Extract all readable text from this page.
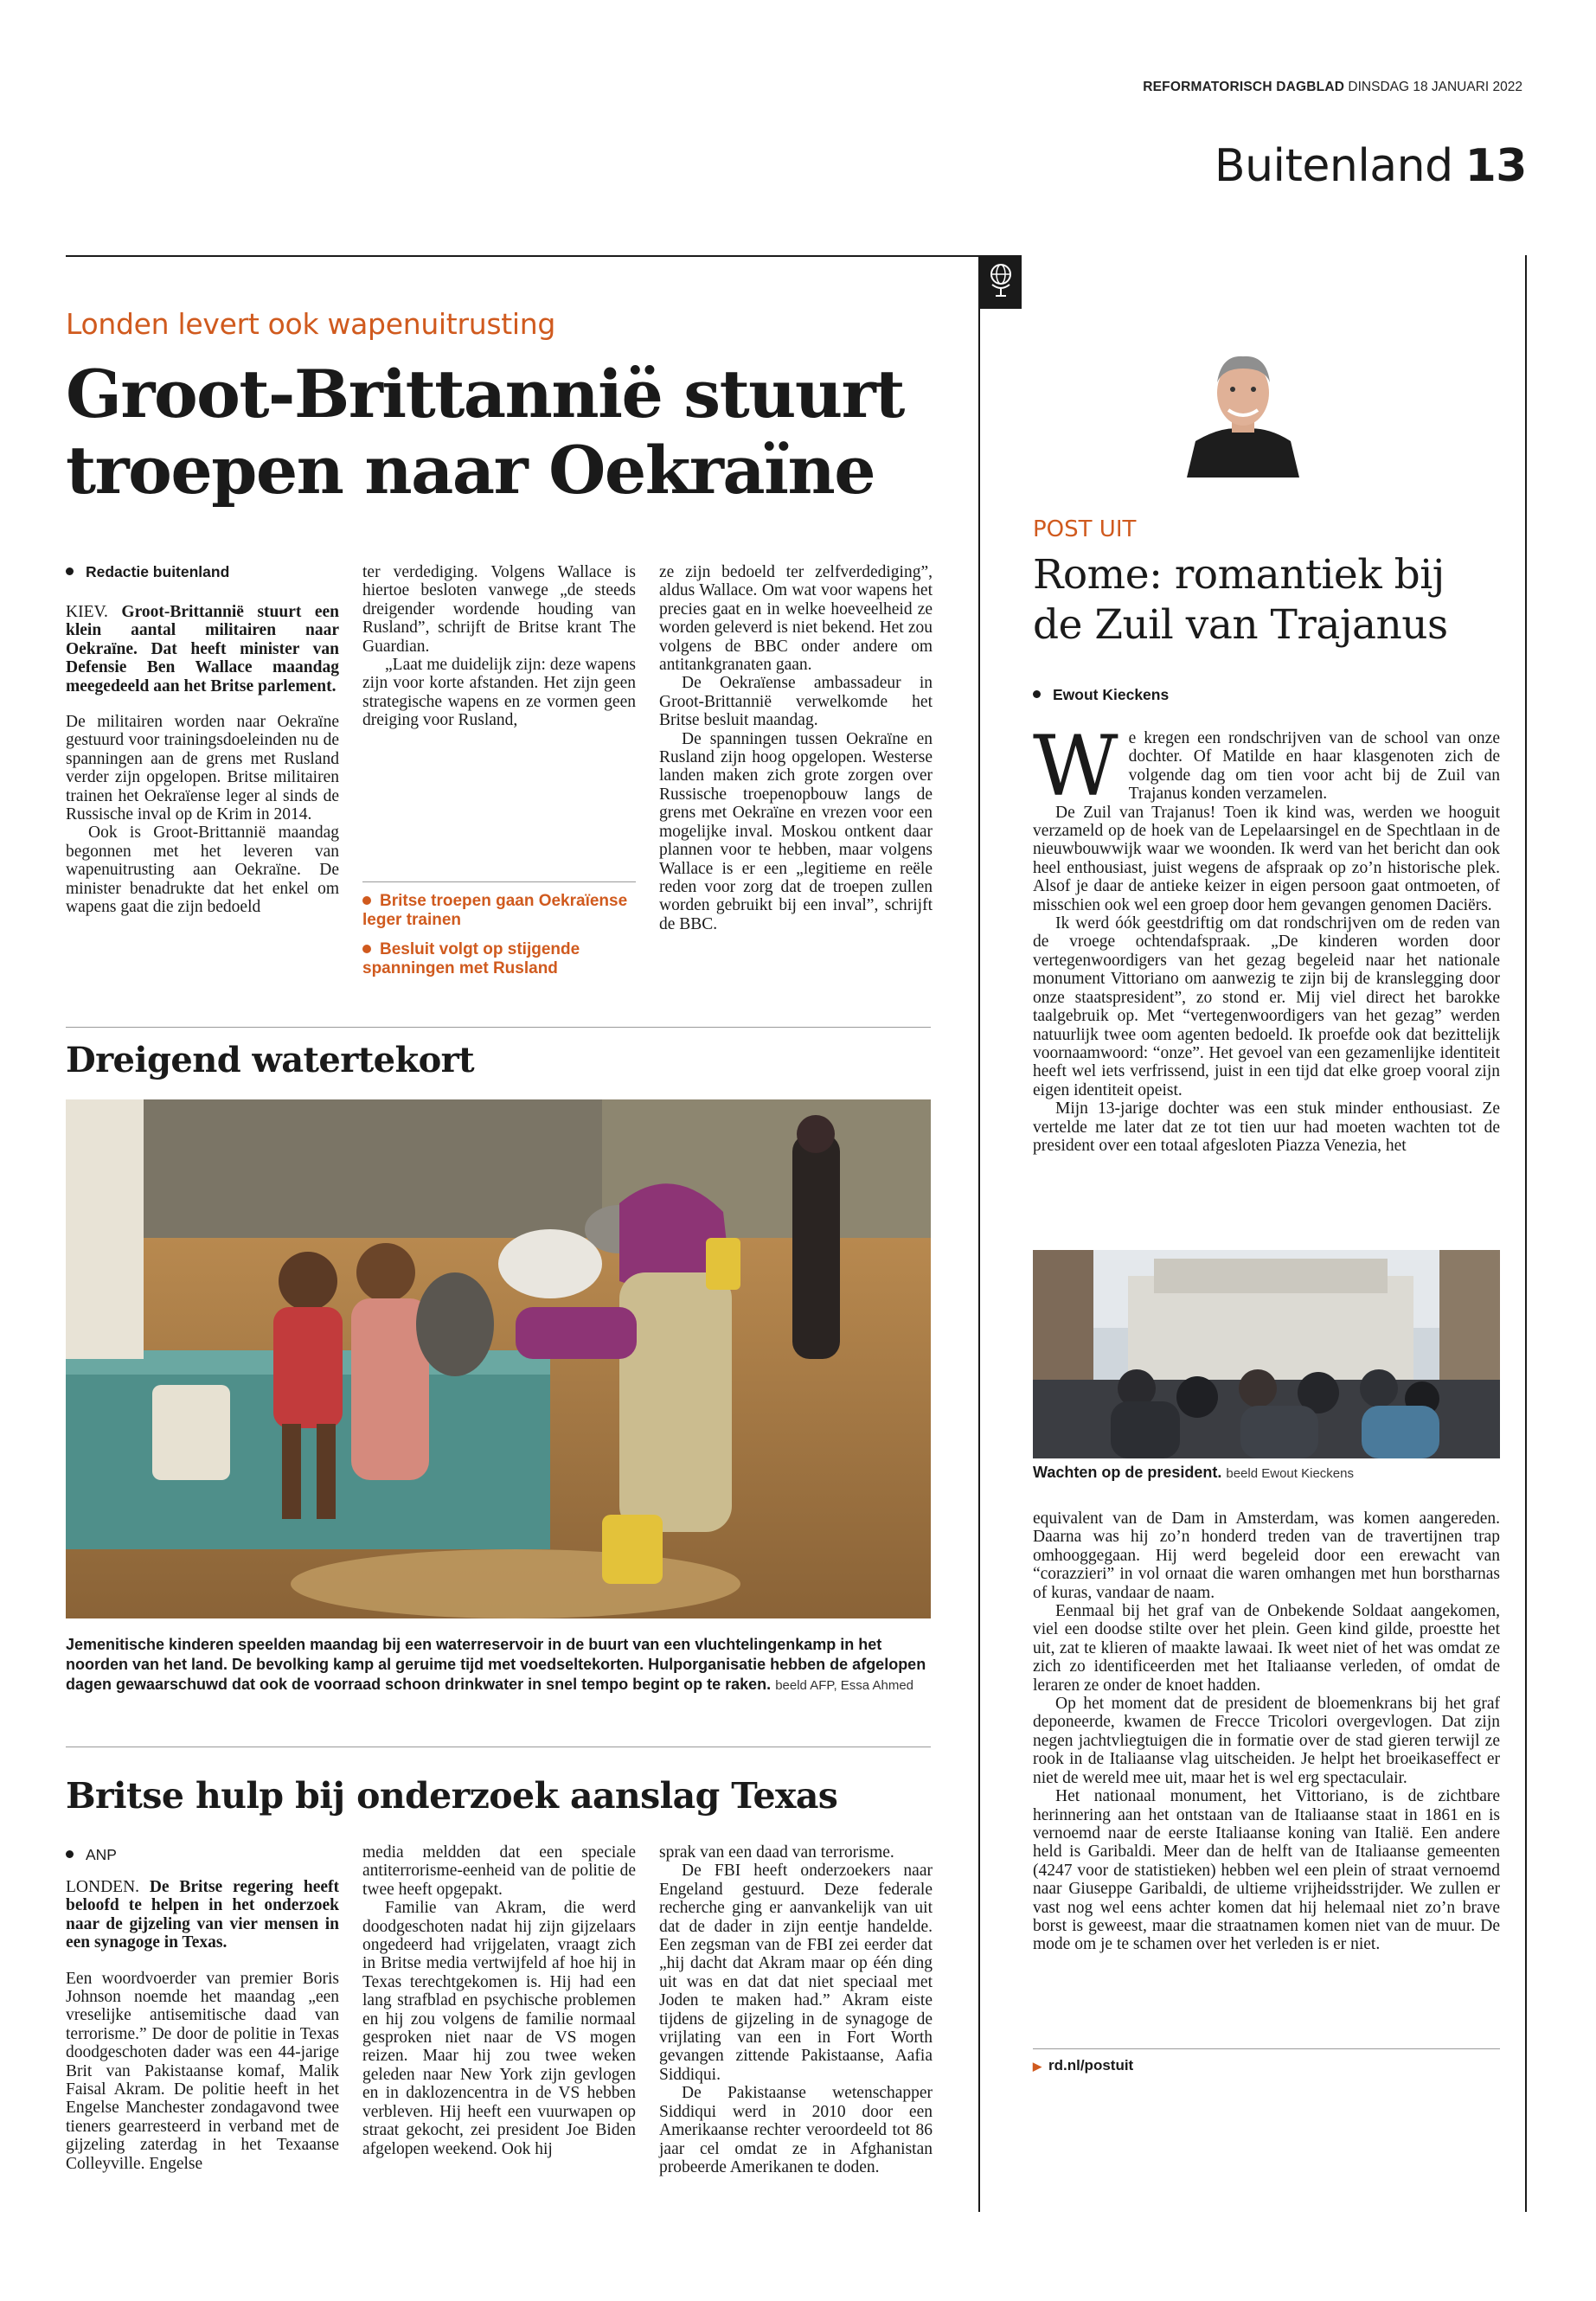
REFORMATORISCH DAGBLAD DINSDAG 18 JANUARI 2022
Buitenland 13
Londen levert ook wapenuitrusting
Groot-Brittannië stuurt
troepen naar Oekraïne
Redactie buitenland

KIEV. Groot-Brittannië stuurt een klein aantal militairen naar Oekraïne. Dat heeft minister van Defensie Ben Wallace maandag meegedeeld aan het Britse parlement.

De militairen worden naar Oekraïne gestuurd voor trainingsdoeleinden nu de spanningen aan de grens met Rusland verder zijn opgelopen. Britse militairen trainen het Oekraïense leger al sinds de Russische inval op de Krim in 2014.

Ook is Groot-Brittannië maandag begonnen met het leveren van wapenuitrusting aan Oekraïne. De minister benadrukte dat het enkel om wapens gaat die zijn bedoeld

ter verdediging. Volgens Wallace is hiertoe besloten vanwege „de steeds dreigender wordende houding van Rusland”, schrijft de Britse krant The Guardian.

„Laat me duidelijk zijn: deze wapens zijn voor korte afstanden. Het zijn geen strategische wapens en ze vormen geen dreiging voor Rusland,

Britse troepen gaan Oekraïense leger trainen
Besluit volgt op stijgende spanningen met Rusland

ze zijn bedoeld ter zelfverdediging”, aldus Wallace. Om wat voor wapens het precies gaat en in welke hoeveelheid ze worden geleverd is niet bekend. Het zou volgens de BBC onder andere om antitankgranaten gaan.

De Oekraïense ambassadeur in Groot-Brittannië verwelkomde het Britse besluit maandag.

De spanningen tussen Oekraïne en Rusland zijn hoog opgelopen. Westerse landen maken zich grote zorgen over Russische troepenopbouw langs de grens met Oekraïne en vrezen voor een mogelijke inval. Moskou ontkent daar plannen voor te hebben, maar volgens Wallace is er een „legitieme en reële reden voor zorg dat de troepen zullen worden gebruikt bij een inval”, schrijft de BBC.

Dreigend watertekort
Jemenitische kinderen speelden maandag bij een waterreservoir in de buurt van een vluchtelingenkamp in het noorden van het land. De bevolking kamp al geruime tijd met voedseltekorten. Hulporganisatie hebben de afgelopen dagen gewaarschuwd dat ook de voorraad schoon drinkwater in snel tempo begint op te raken. beeld AFP, Essa Ahmed
Britse hulp bij onderzoek aanslag Texas
ANP

LONDEN. De Britse regering heeft beloofd te helpen in het onderzoek naar de gijzeling van vier mensen in een synagoge in Texas.

Een woordvoerder van premier Boris Johnson noemde het maandag „een vreselijke antisemitische daad van terrorisme.” De door de politie in Texas doodgeschoten dader was een 44-jarige Brit van Pakistaanse komaf, Malik Faisal Akram. De politie heeft in het Engelse Manchester zondagavond twee tieners gearresteerd in verband met de gijzeling zaterdag in het Texaanse Colleyville. Engelse

media meldden dat een speciale antiterrorisme-eenheid van de politie de twee heeft opgepakt.

Familie van Akram, die werd doodgeschoten nadat hij zijn gijzelaars ongedeerd had vrijgelaten, vraagt zich in Britse media vertwijfeld af hoe hij in Texas terechtgekomen is. Hij had een lang strafblad en psychische problemen en hij zou volgens de familie normaal gesproken niet naar de VS mogen reizen. Maar hij zou twee weken geleden naar New York zijn gevlogen en in daklozencentra in de VS hebben verbleven. Hij heeft een vuurwapen op straat gekocht, zei president Joe Biden afgelopen weekend. Ook hij

sprak van een daad van terrorisme.

De FBI heeft onderzoekers naar Engeland gestuurd. Deze federale recherche ging er aanvankelijk van uit dat de dader in zijn eentje handelde. Een zegsman van de FBI zei eerder dat „hij dacht dat Akram maar op één ding uit was en dat dat niet speciaal met Joden te maken had.” Akram eiste tijdens de gijzeling in de synagoge de vrijlating van een in Fort Worth gevangen zittende Pakistaanse, Aafia Siddiqui.

De Pakistaanse wetenschapper Siddiqui werd in 2010 door een Amerikaanse rechter veroordeeld tot 86 jaar cel omdat ze in Afghanistan probeerde Amerikanen te doden.

POST UIT
Rome: romantiek bij
de Zuil van Trajanus
Ewout Kieckens
W e kregen een rondschrijven van de school van onze dochter. Of Matilde en haar klasgenoten zich de volgende dag om tien voor acht bij de Zuil van Trajanus konden verzamelen.

De Zuil van Trajanus! Toen ik kind was, werden we hooguit verzameld op de hoek van de Lepelaarsingel en de Spechtlaan in de nieuwbouwwijk waar we woonden. Ik werd van het bericht dan ook heel enthousiast, juist wegens de afspraak op zo’n historische plek. Alsof je daar de antieke keizer in eigen persoon gaat ontmoeten, of misschien ook wel een groep door hem gevangen genomen Daciërs.

Ik werd óók geestdriftig om dat rondschrijven om de reden van de vroege ochtendafspraak. „De kinderen worden door vertegenwoordigers van het gezag begeleid naar het nationale monument Vittoriano om aanwezig te zijn bij de kranslegging door onze staatspresident”, zo stond er. Mij viel direct het barokke taalgebruik op. Met “vertegenwoordigers van het gezag” werden natuurlijk twee oom agenten bedoeld. Ik proefde ook dat bezittelijk voornaamwoord: “onze”. Het gevoel van een gezamenlijke identiteit heeft wel iets verfrissend, juist in een tijd dat elke groep vooral zijn eigen identiteit opeist.

Mijn 13-jarige dochter was een stuk minder enthousiast. Ze vertelde me later dat ze tot tien uur had moeten wachten tot de president over een totaal afgesloten Piazza Venezia, het

Wachten op de president. beeld Ewout Kieckens

equivalent van de Dam in Amsterdam, was komen aangereden. Daarna was hij zo’n honderd treden van de travertijnen trap omhooggegaan. Hij werd begeleid door een erewacht van “corazzieri” in vol ornaat die waren omhangen met hun borstharnas of kuras, vandaar de naam.

Eenmaal bij het graf van de Onbekende Soldaat aangekomen, viel een doodse stilte over het plein. Geen kind gilde, proestte het uit, zat te klieren of maakte lawaai. Ik weet niet of het was omdat ze zich zo identificeerden met het Italiaanse verleden, of omdat de leraren ze onder de knoet hadden.

Op het moment dat de president de bloemenkrans bij het graf deponeerde, kwamen de Frecce Tricolori overgevlogen. Dat zijn negen jachtvliegtuigen die in formatie over de stad gieren terwijl ze rook in de Italiaanse vlag uitscheiden. Je helpt het broeikaseffect er niet de wereld mee uit, maar het is wel erg spectaculair.

Het nationaal monument, het Vittoriano, is de zichtbare herinnering aan het ontstaan van de Italiaanse staat in 1861 en is vernoemd naar de eerste Italiaanse koning van Italië. Een andere held is Garibaldi. Meer dan de helft van de Italiaanse gemeenten (4247 voor de statistieken) hebben wel een plein of straat vernoemd naar Giuseppe Garibaldi, de ultieme vrijheidsstrijder. We zullen er vast nog wel eens achter komen dat hij helemaal niet zo’n brave borst is geweest, maar die straatnamen komen niet van de muur. De mode om je te schamen over het verleden is er niet.

▶ rd.nl/postuit
